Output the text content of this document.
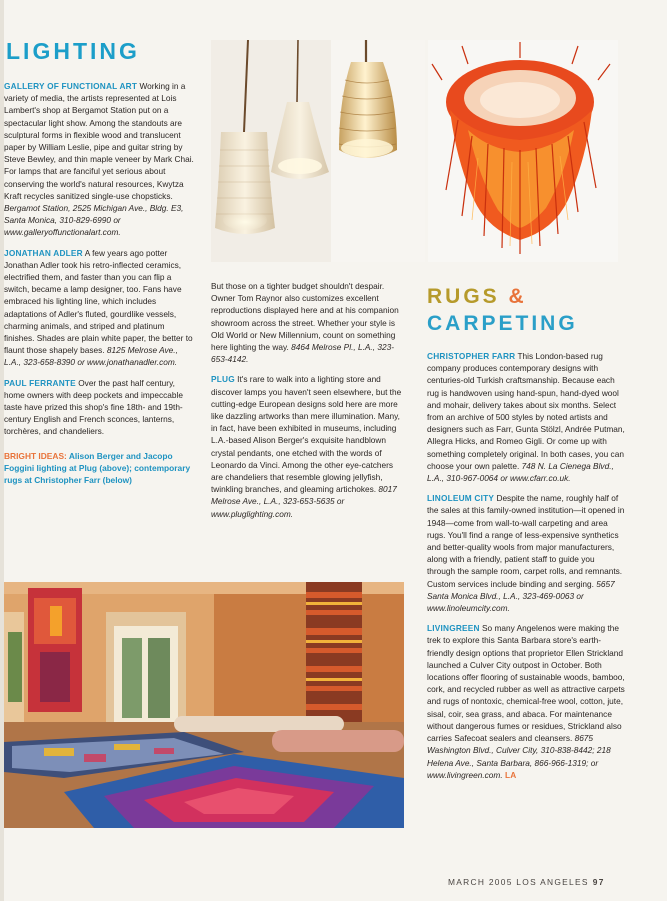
LIGHTING

GALLERY OF FUNCTIONAL ART Working in a variety of media, the artists represented at Lois Lambert's shop at Bergamot Station put on a spectacular light show. Among the standouts are sculptural forms in flexible wood and translucent paper by William Leslie, pipe and guitar string by Steve Bewley, and thin maple veneer by Mark Chai. For lamps that are fanciful yet serious about conserving the world's natural resources, Kwytza Kraft recycles sanitized single-use chopsticks. Bergamot Station, 2525 Michigan Ave., Bldg. E3, Santa Monica, 310-829-6990 or www.galleryoffunctionalart.com.

JONATHAN ADLER A few years ago potter Jonathan Adler took his retro-inflected ceramics, electrified them, and faster than you can flip a switch, became a lamp designer, too. Fans have embraced his lighting line, which includes adaptations of Adler's fluted, gourdlike vessels, charming animals, and striped and platinum finishes. Shades are plain white paper, the better to flaunt those shapely bases. 8125 Melrose Ave., L.A., 323-658-8390 or www.jonathanadler.com.

PAUL FERRANTE Over the past half century, home owners with deep pockets and impeccable taste have prized this shop's fine 18th- and 19th-century English and French sconces, lanterns, torchères, and chandeliers.

BRIGHT IDEAS: Alison Berger and Jacopo Foggini lighting at Plug (above); contemporary rugs at Christopher Farr (below)

But those on a tighter budget shouldn't despair. Owner Tom Raynor also customizes excellent reproductions displayed here and at his companion showroom across the street. Whether your style is Old World or New Millennium, count on something here lighting the way. 8464 Melrose Pl., L.A., 323-653-4142.

PLUG It's rare to walk into a lighting store and discover lamps you haven't seen elsewhere, but the cutting-edge European designs sold here are more like dazzling artworks than mere illumination. Many, in fact, have been exhibited in museums, including L.A.-based Alison Berger's exquisite handblown crystal pendants, one etched with the words of Leonardo da Vinci. Among the other eye-catchers are chandeliers that resemble glowing jellyfish, twinkling branches, and gleaming artichokes. 8017 Melrose Ave., L.A., 323-653-5635 or www.pluglighting.com.

RUGS &
CARPETING

CHRISTOPHER FARR This London-based rug company produces contemporary designs with centuries-old Turkish craftsmanship. Because each rug is handwoven using hand-spun, hand-dyed wool and mohair, delivery takes about six months. Select from an archive of 500 styles by noted artists and designers such as Farr, Gunta Stölzl, Andrée Putman, Allegra Hicks, and Romeo Gigli. Or come up with something completely original. In both cases, you can choose your own palette. 748 N. La Cienega Blvd., L.A., 310-967-0064 or www.cfarr.co.uk.

LINOLEUM CITY Despite the name, roughly half of the sales at this family-owned institution—it opened in 1948—come from wall-to-wall carpeting and area rugs. You'll find a range of less-expensive synthetics and better-quality wools from major manufacturers, along with a friendly, patient staff to guide you through the sample room, carpet rolls, and remnants. Custom services include binding and serging. 5657 Santa Monica Blvd., L.A., 323-469-0063 or www.linoleumcity.com.

LIVINGREEN So many Angelenos were making the trek to explore this Santa Barbara store's earth-friendly design options that proprietor Ellen Strickland launched a Culver City outpost in October. Both locations offer flooring of sustainable woods, bamboo, cork, and recycled rubber as well as attractive carpets and rugs of nontoxic, chemical-free wool, cotton, jute, sisal, coir, sea grass, and abaca. For maintenance without dangerous fumes or residues, Strickland also carries Safecoat sealers and cleansers. 8675 Washington Blvd., Culver City, 310-838-8442; 218 Helena Ave., Santa Barbara, 866-966-1319; or www.livingreen.com. LA

MARCH 2005 LOS ANGELES 97
